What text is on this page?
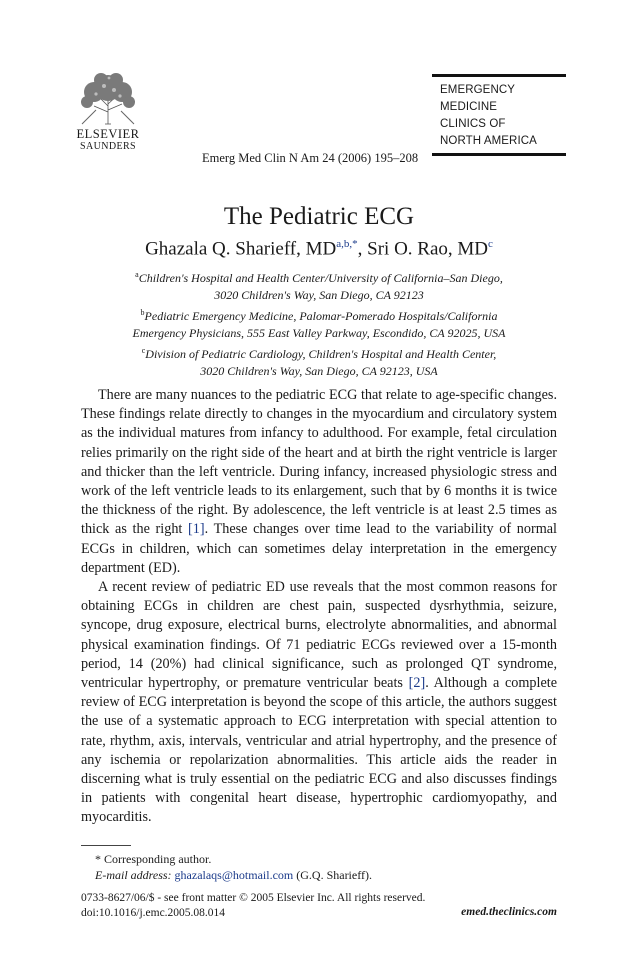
ELSEVIER
SAUNDERS
EMERGENCY
MEDICINE
CLINICS OF
NORTH AMERICA
Emerg Med Clin N Am 24 (2006) 195–208
The Pediatric ECG
Ghazala Q. Sharieff, $MD^{a,b,*}$, Sri O. Rao, $MD^c$
$^a$Children's Hospital and Health Center/University of California–San Diego,
3020 Children's Way, San Diego, CA 92123
$^b$Pediatric Emergency Medicine, Palomar-Pomerado Hospitals/California
Emergency Physicians, 555 East Valley Parkway, Escondido, CA 92025, USA
$^c$Division of Pediatric Cardiology, Children's Hospital and Health Center,
3020 Children's Way, San Diego, CA 92123, USA

There are many nuances to the pediatric ECG that relate to age-specific changes. These findings relate directly to changes in the myocardium and circulatory system as the individual matures from infancy to adulthood. For example, fetal circulation relies primarily on the right side of the heart and at birth the right ventricle is larger and thicker than the left ventricle. During infancy, increased physiologic stress and work of the left ventricle leads to its enlargement, such that by 6 months it is twice the thickness of the right. By adolescence, the left ventricle is at least 2.5 times as thick as the right [1]. These changes over time lead to the variability of normal ECGs in children, which can sometimes delay interpretation in the emergency department (ED).

A recent review of pediatric ED use reveals that the most common reasons for obtaining ECGs in children are chest pain, suspected dysrhythmia, seizure, syncope, drug exposure, electrical burns, electrolyte abnormalities, and abnormal physical examination findings. Of 71 pediatric ECGs reviewed over a 15-month period, 14 (20%) had clinical significance, such as prolonged QT syndrome, ventricular hypertrophy, or premature ventricular beats [2]. Although a complete review of ECG interpretation is beyond the scope of this article, the authors suggest the use of a systematic approach to ECG interpretation with special attention to rate, rhythm, axis, intervals, ventricular and atrial hypertrophy, and the presence of any ischemia or repolarization abnormalities. This article aids the reader in discerning what is truly essential on the pediatric ECG and also discusses findings in patients with congenital heart disease, hypertrophic cardiomyopathy, and myocarditis.

* Corresponding author.
E-mail address: ghazalaqs@hotmail.com (G.Q. Sharieff).
0733-8627/06/$ - see front matter © 2005 Elsevier Inc. All rights reserved.
doi:10.1016/j.emc.2005.08.014	emed.theclinics.com
